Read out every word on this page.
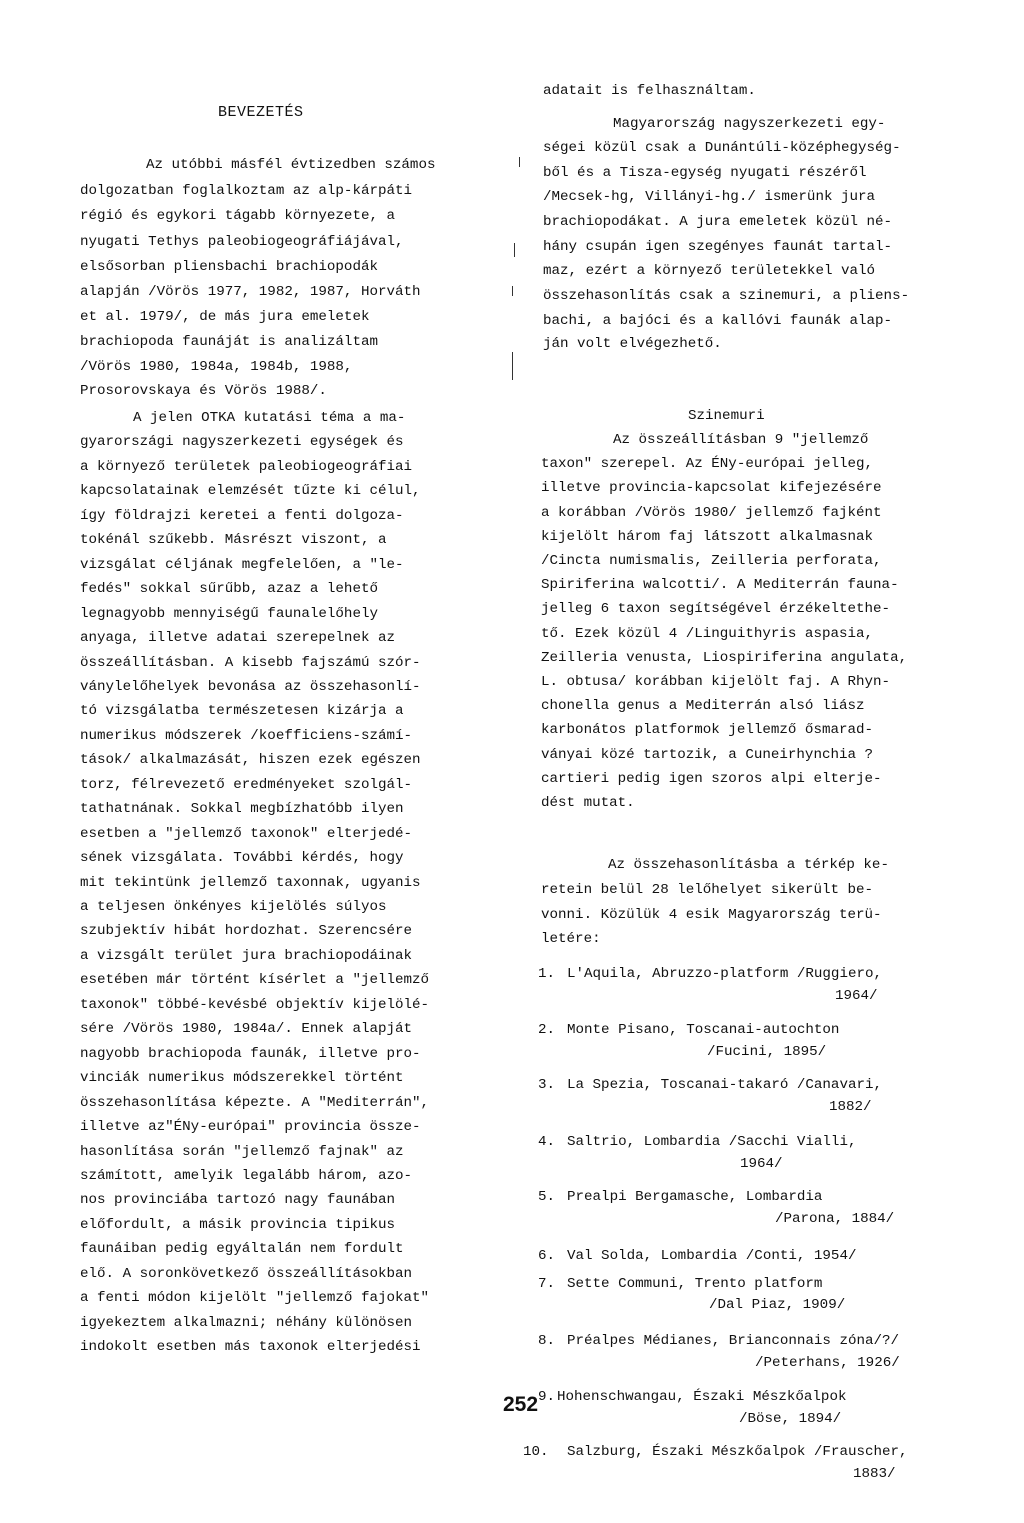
BEVEZETÉS
Az utóbbi másfél évtizedben számos
dolgozatban foglalkoztam az alp-kárpáti
régió és egykori tágabb környezete, a
nyugati Tethys paleobiogeográfiájával,
elsősorban pliensbachi brachiopodák
alapján /Vörös 1977, 1982, 1987, Horváth
et al. 1979/, de más jura emeletek
brachiopoda faunáját is analizáltam
/Vörös 1980, 1984a, 1984b, 1988,
Prosorovskaya és Vörös 1988/.
A jelen OTKA kutatási téma a ma-
gyarországi nagyszerkezeti egységek és
a környező területek paleobiogeográfiai
kapcsolatainak elemzését tűzte ki célul,
így földrajzi keretei a fenti dolgoza-
tokénál szűkebb. Másrészt viszont, a
vizsgálat céljának megfelelően, a "le-
fedés" sokkal sűrűbb, azaz a lehető
legnagyobb mennyiségű faunalelőhely
anyaga, illetve adatai szerepelnek az
összeállításban. A kisebb fajszámú szór-
ványlelőhelyek bevonása az összehasonlí-
tó vizsgálatba természetesen kizárja a
numerikus módszerek /koefficiens-számí-
tások/ alkalmazását, hiszen ezek egészen
torz, félrevezető eredményeket szolgál-
tathatnának. Sokkal megbízhatóbb ilyen
esetben a "jellemző taxonok" elterjedé-
sének vizsgálata. További kérdés, hogy
mit tekintünk jellemző taxonnak, ugyanis
a teljesen önkényes kijelölés súlyos
szubjektív hibát hordozhat. Szerencsére
a vizsgált terület jura brachiopodáinak
esetében már történt kísérlet a "jellemző
taxonok" többé-kevésbé objektív kijelölé-
sére /Vörös 1980, 1984a/. Ennek alapját
nagyobb brachiopoda faunák, illetve pro-
vinciák numerikus módszerekkel történt
összehasonlítása képezte. A "Mediterrán",
illetve az"ÉNy-európai" provincia össze-
hasonlítása során "jellemző fajnak" az
számított, amelyik legalább három, azo-
nos provinciába tartozó nagy faunában
előfordult, a másik provincia tipikus
faunáiban pedig egyáltalán nem fordult
elő. A soronkövetkező összeállításokban
a fenti módon kijelölt "jellemző fajokat"
igyekeztem alkalmazni; néhány különösen
indokolt esetben más taxonok elterjedési
adatait is felhasználtam.
Magyarország nagyszerkezeti egy-
ségei közül csak a Dunántúli-középhegység-
ből és a Tisza-egység nyugati részéről
/Mecsek-hg, Villányi-hg./ ismerünk jura
brachiopodákat. A jura emeletek közül né-
hány csupán igen szegényes faunát tartal-
maz, ezért a környező területekkel való
összehasonlítás csak a szinemuri, a pliens-
bachi, a bajóci és a kallóvi faunák alap-
ján volt elvégezhető.
Az összeállításban 9 "jellemző
taxon" szerepel. Az ÉNy-európai jelleg,
illetve provincia-kapcsolat kifejezésére
a korábban /Vörös 1980/ jellemző fajként
kijelölt három faj látszott alkalmasnak
/Cincta numismalis, Zeilleria perforata,
Spiriferina walcotti/. A Mediterrán fauna-
jelleg 6 taxon segítségével érzékeltethe-
tő. Ezek közül 4 /Linguithyris aspasia,
Zeilleria venusta, Liospiriferina angulata,
L. obtusa/ korábban kijelölt faj. A Rhyn-
chonella genus a Mediterrán alsó liász
karbonátos platformok jellemző ősmarad-
ványai közé tartozik, a Cuneirhynchia ?
cartieri pedig igen szoros alpi elterje-
dést mutat.
Az összehasonlításba a térkép ke-
retein belül 28 lelőhelyet sikerült be-
vonni. Közülük 4 esik Magyarország terü-
letére:
1. L'Aquila, Abruzzo-platform /Ruggiero,
1964/
2. Monte Pisano, Toscanai-autochton
/Fucini, 1895/
3. La Spezia, Toscanai-takaró /Canavari,
1882/
4. Saltrio, Lombardia /Sacchi Vialli,
1964/
5. Prealpi Bergamasche, Lombardia
/Parona, 1884/
6. Val Solda, Lombardia /Conti, 1954/
7. Sette Communi, Trento platform
/Dal Piaz, 1909/
8. Préalpes Médianes, Brianconnais zóna/?/
/Peterhans, 1926/
9. Hohenschwangau, Északi Mészkőalpok
/Böse, 1894/
10. Salzburg, Északi Mészkőalpok /Frauscher,
1883/
Szinemuri
252
